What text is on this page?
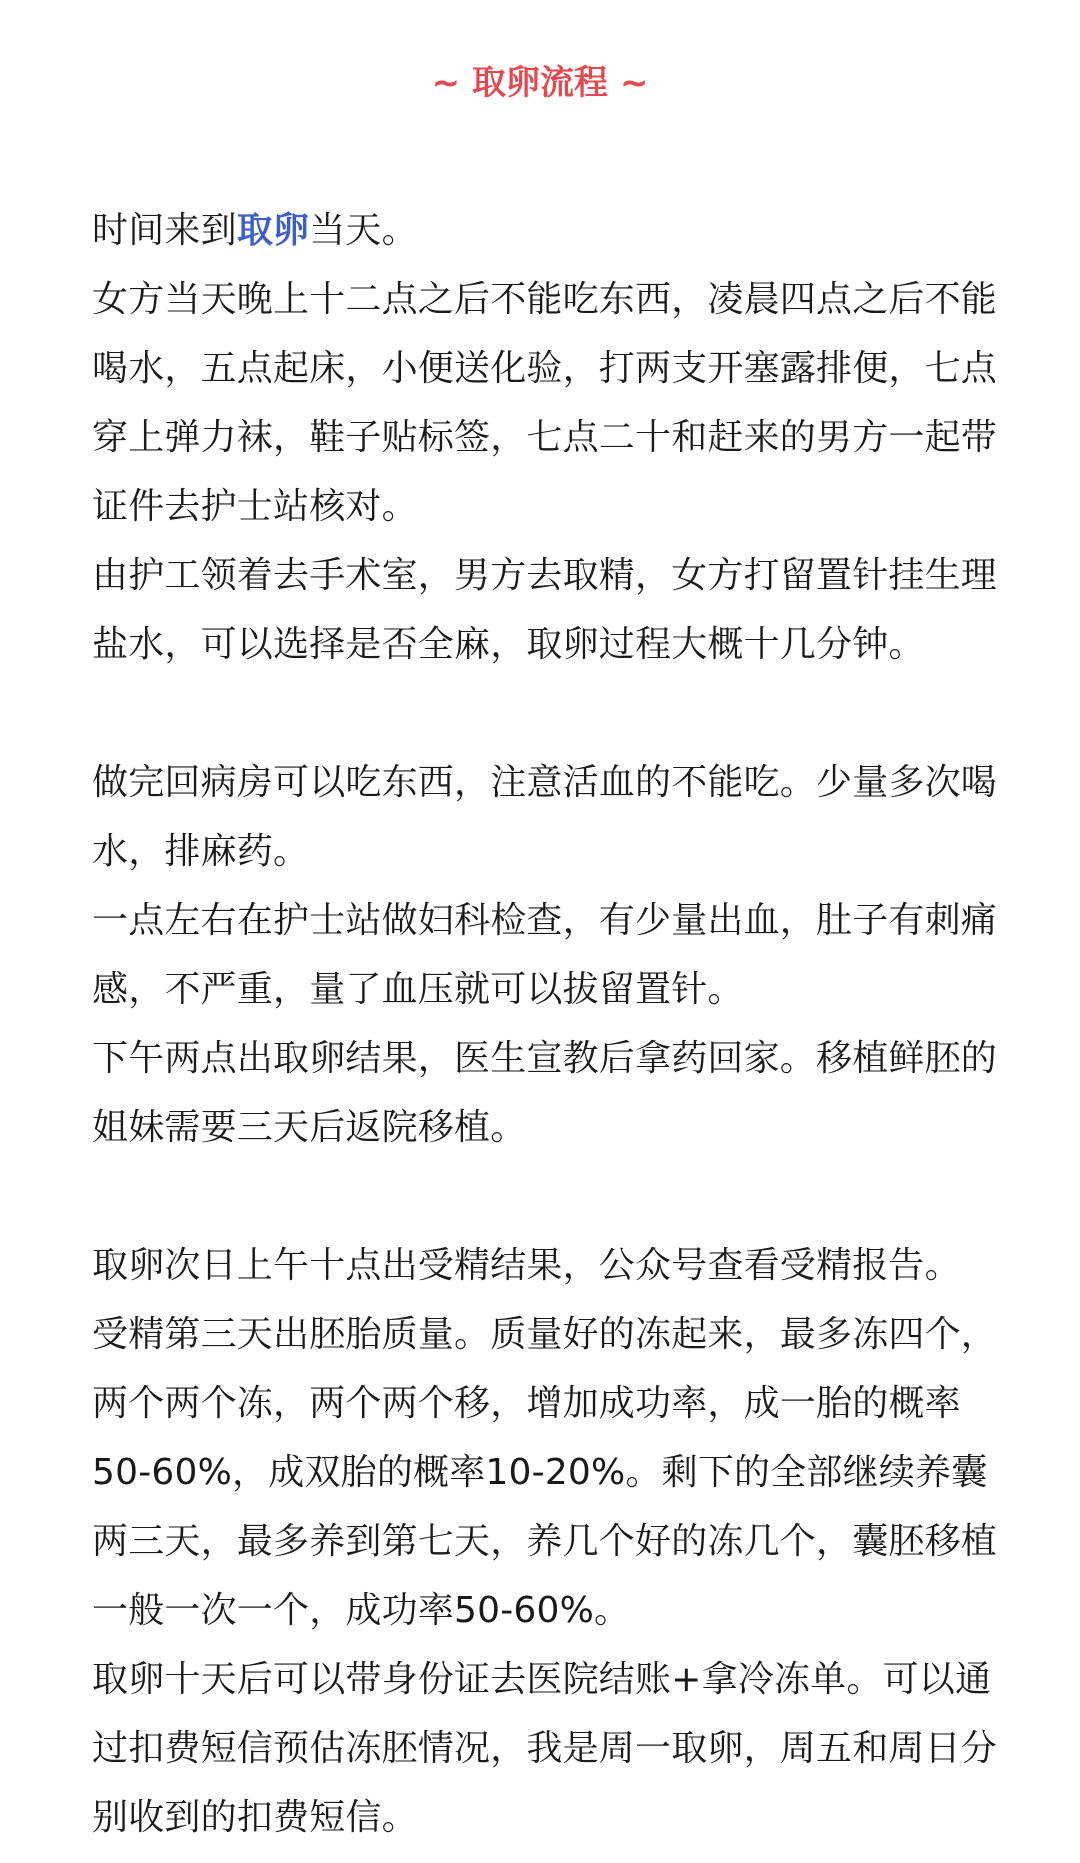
~ 取卵流程 ~

时间来到取卵当天。

女方当天晚上十二点之后不能吃东西，凌晨四点之后不能喝水，五点起床，小便送化验，打两支开塞露排便，七点穿上弹力袜，鞋子贴标签，七点二十和赶来的男方一起带证件去护士站核对。

由护工领着去手术室，男方去取精，女方打留置针挂生理盐水，可以选择是否全麻，取卵过程大概十几分钟。

做完回病房可以吃东西，注意活血的不能吃。少量多次喝水，排麻药。

一点左右在护士站做妇科检查，有少量出血，肚子有刺痛感，不严重，量了血压就可以拔留置针。

下午两点出取卵结果，医生宣教后拿药回家。移植鲜胚的姐妹需要三天后返院移植。

取卵次日上午十点出受精结果，公众号查看受精报告。

受精第三天出胚胎质量。质量好的冻起来，最多冻四个，两个两个冻，两个两个移，增加成功率，成一胎的概率50-60%，成双胎的概率10-20%。剩下的全部继续养囊两三天，最多养到第七天，养几个好的冻几个，囊胚移植一般一次一个，成功率50-60%。

取卵十天后可以带身份证去医院结账+拿冷冻单。可以通过扣费短信预估冻胚情况，我是周一取卵，周五和周日分别收到的扣费短信。
